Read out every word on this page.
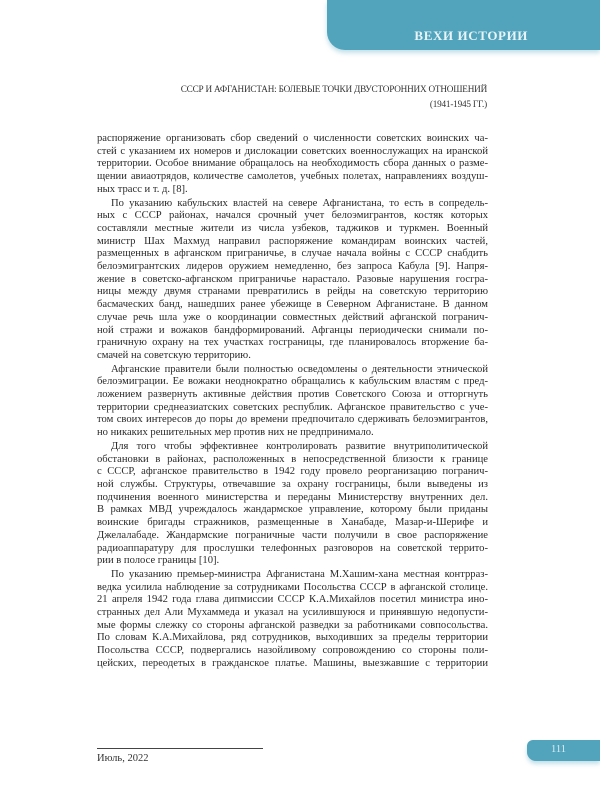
ВЕХИ ИСТОРИИ
СССР И АФГАНИСТАН: БОЛЕВЫЕ ТОЧКИ ДВУСТОРОННИХ ОТНОШЕНИЙ
(1941-1945 ГГ.)
распоряжение организовать сбор сведений о численности советских воинских ча-
стей с указанием их номеров и дислокации советских военнослужащих на иранской
территории. Особое внимание обращалось на необходимость сбора данных о разме-
щении авиаотрядов, количестве самолетов, учебных полетах, направлениях воздуш-
ных трасс и т. д. [8].
По указанию кабульских властей на севере Афганистана, то есть в сопредель-
ных с СССР районах, начался срочный учет белоэмигрантов, костяк которых
составляли местные жители из числа узбеков, таджиков и туркмен. Военный
министр Шах Махмуд направил распоряжение командирам воинских частей,
размещенных в афганском приграничье, в случае начала войны с СССР снабдить
белоэмигрантских лидеров оружием немедленно, без запроса Кабула [9]. Напря-
жение в советско-афганском приграничье нарастало. Разовые нарушения госгра-
ницы между двумя странами превратились в рейды на советскую территорию
басмаческих банд, нашедших ранее убежище в Северном Афганистане. В данном
случае речь шла уже о координации совместных действий афганской погранич-
ной стражи и вожаков бандформирований. Афганцы периодически снимали по-
граничную охрану на тех участках госграницы, где планировалось вторжение ба-
смачей на советскую территорию.
Афганские правители были полностью осведомлены о деятельности этнической
белоэмиграции. Ее вожаки неоднократно обращались к кабульским властям с пред-
ложением развернуть активные действия против Советского Союза и отторгнуть
территории среднеазиатских советских республик. Афганское правительство с уче-
том своих интересов до поры до времени предпочитало сдерживать белоэмигрантов,
но никаких решительных мер против них не предпринимало.
Для того чтобы эффективнее контролировать развитие внутриполитической
обстановки в районах, расположенных в непосредственной близости к границе
с СССР, афганское правительство в 1942 году провело реорганизацию погранич-
ной службы. Структуры, отвечавшие за охрану госграницы, были выведены из
подчинения военного министерства и переданы Министерству внутренних дел.
В рамках МВД учреждалось жандармское управление, которому были приданы
воинские бригады стражников, размещенные в Ханабаде, Мазар-и-Шерифе и
Джелалабаде. Жандармские пограничные части получили в свое распоряжение
радиоаппаратуру для прослушки телефонных разговоров на советской террито-
рии в полосе границы [10].
По указанию премьер-министра Афганистана М.Хашим-хана местная контрраз-
ведка усилила наблюдение за сотрудниками Посольства СССР в афганской столице.
21 апреля 1942 года глава дипмиссии СССР К.А.Михайлов посетил министра ино-
странных дел Али Мухаммеда и указал на усилившуюся и принявшую недопусти-
мые формы слежку со стороны афганской разведки за работниками совпосольства.
По словам К.А.Михайлова, ряд сотрудников, выходивших за пределы территории
Посольства СССР, подвергались назойливому сопровождению со стороны поли-
цейских, переодетых в гражданское платье. Машины, выезжавшие с территории
Июль, 2022
111
